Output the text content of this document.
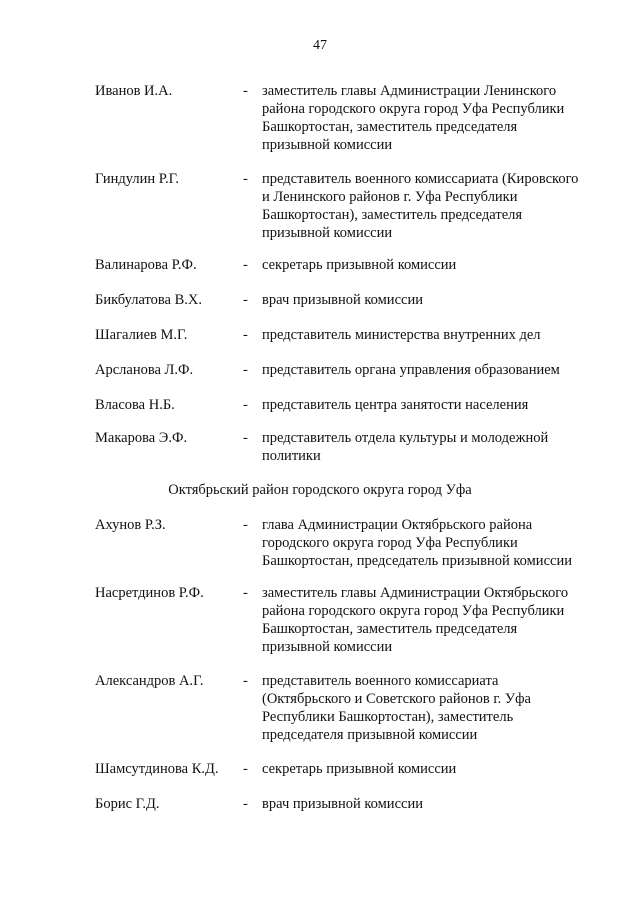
47
Иванов И.А.	- заместитель главы Администрации Ленинского
района городского округа город Уфа Республики
Башкортостан, заместитель председателя
призывной комиссии
Гиндулин Р.Г.	- представитель военного комиссариата (Кировского
и Ленинского районов г. Уфа Республики
Башкортостан), заместитель председателя
призывной комиссии
Валинарова Р.Ф.	- секретарь призывной комиссии
Бикбулатова В.Х.	- врач призывной комиссии
Шагалиев М.Г.	- представитель министерства внутренних дел
Арсланова Л.Ф.	- представитель органа управления образованием
Власова Н.Б.	- представитель центра занятости населения
Макарова Э.Ф.	- представитель отдела культуры и молодежной
политики
Октябрьский район городского округа город Уфа
Ахунов Р.З.	- глава Администрации Октябрьского района
городского округа город Уфа Республики
Башкортостан, председатель призывной комиссии
Насретдинов Р.Ф.	- заместитель главы Администрации Октябрьского
района городского округа город Уфа Республики
Башкортостан, заместитель председателя
призывной комиссии
Александров А.Г.	- представитель военного комиссариата
(Октябрьского и Советского районов г. Уфа
Республики Башкортостан), заместитель
председателя призывной комиссии
Шамсутдинова К.Д. - секретарь призывной комиссии
Борис Г.Д.	- врач призывной комиссии
